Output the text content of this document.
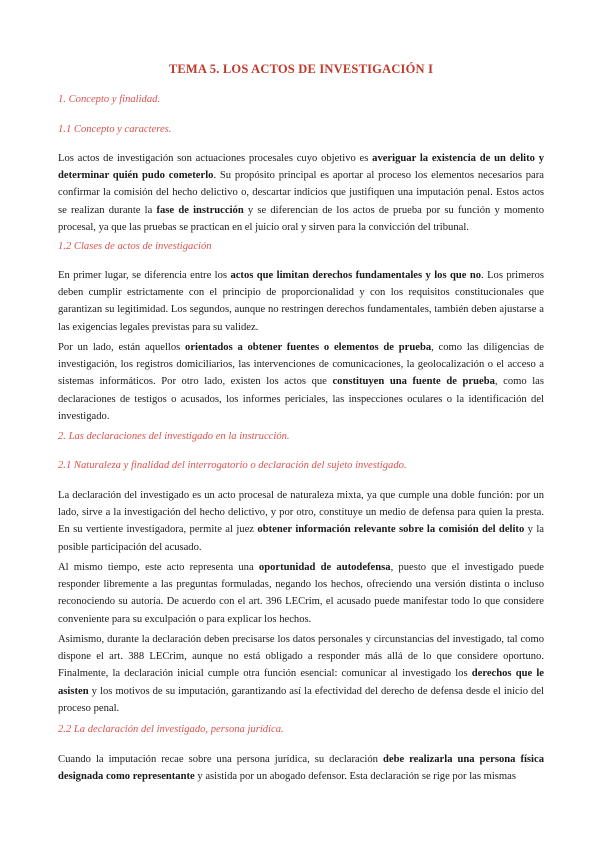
TEMA 5. LOS ACTOS DE INVESTIGACIÓN I
1. Concepto y finalidad.
1.1 Concepto y caracteres.

Los actos de investigación son actuaciones procesales cuyo objetivo es averiguar la existencia de un delito y determinar quién pudo cometerlo. Su propósito principal es aportar al proceso los elementos necesarios para confirmar la comisión del hecho delictivo o, descartar indicios que justifiquen una imputación penal. Estos actos se realizan durante la fase de instrucción y se diferencian de los actos de prueba por su función y momento procesal, ya que las pruebas se practican en el juicio oral y sirven para la convicción del tribunal.

1.2 Clases de actos de investigación

En primer lugar, se diferencia entre los actos que limitan derechos fundamentales y los que no. Los primeros deben cumplir estrictamente con el principio de proporcionalidad y con los requisitos constitucionales que garantizan su legitimidad. Los segundos, aunque no restringen derechos fundamentales, también deben ajustarse a las exigencias legales previstas para su validez.

Por un lado, están aquellos orientados a obtener fuentes o elementos de prueba, como las diligencias de investigación, los registros domiciliarios, las intervenciones de comunicaciones, la geolocalización o el acceso a sistemas informáticos. Por otro lado, existen los actos que constituyen una fuente de prueba, como las declaraciones de testigos o acusados, los informes periciales, las inspecciones oculares o la identificación del investigado.

2. Las declaraciones del investigado en la instrucción.
2.1 Naturaleza y finalidad del interrogatorio o declaración del sujeto investigado.

La declaración del investigado es un acto procesal de naturaleza mixta, ya que cumple una doble función: por un lado, sirve a la investigación del hecho delictivo, y por otro, constituye un medio de defensa para quien la presta. En su vertiente investigadora, permite al juez obtener información relevante sobre la comisión del delito y la posible participación del acusado.

Al mismo tiempo, este acto representa una oportunidad de autodefensa, puesto que el investigado puede responder libremente a las preguntas formuladas, negando los hechos, ofreciendo una versión distinta o incluso reconociendo su autoría. De acuerdo con el art. 396 LECrim, el acusado puede manifestar todo lo que considere conveniente para su exculpación o para explicar los hechos.

Asimismo, durante la declaración deben precisarse los datos personales y circunstancias del investigado, tal como dispone el art. 388 LECrim, aunque no está obligado a responder más allá de lo que considere oportuno. Finalmente, la declaración inicial cumple otra función esencial: comunicar al investigado los derechos que le asisten y los motivos de su imputación, garantizando así la efectividad del derecho de defensa desde el inicio del proceso penal.

2.2 La declaración del investigado, persona jurídica.

Cuando la imputación recae sobre una persona jurídica, su declaración debe realizarla una persona física designada como representante y asistida por un abogado defensor. Esta declaración se rige por las mismas
